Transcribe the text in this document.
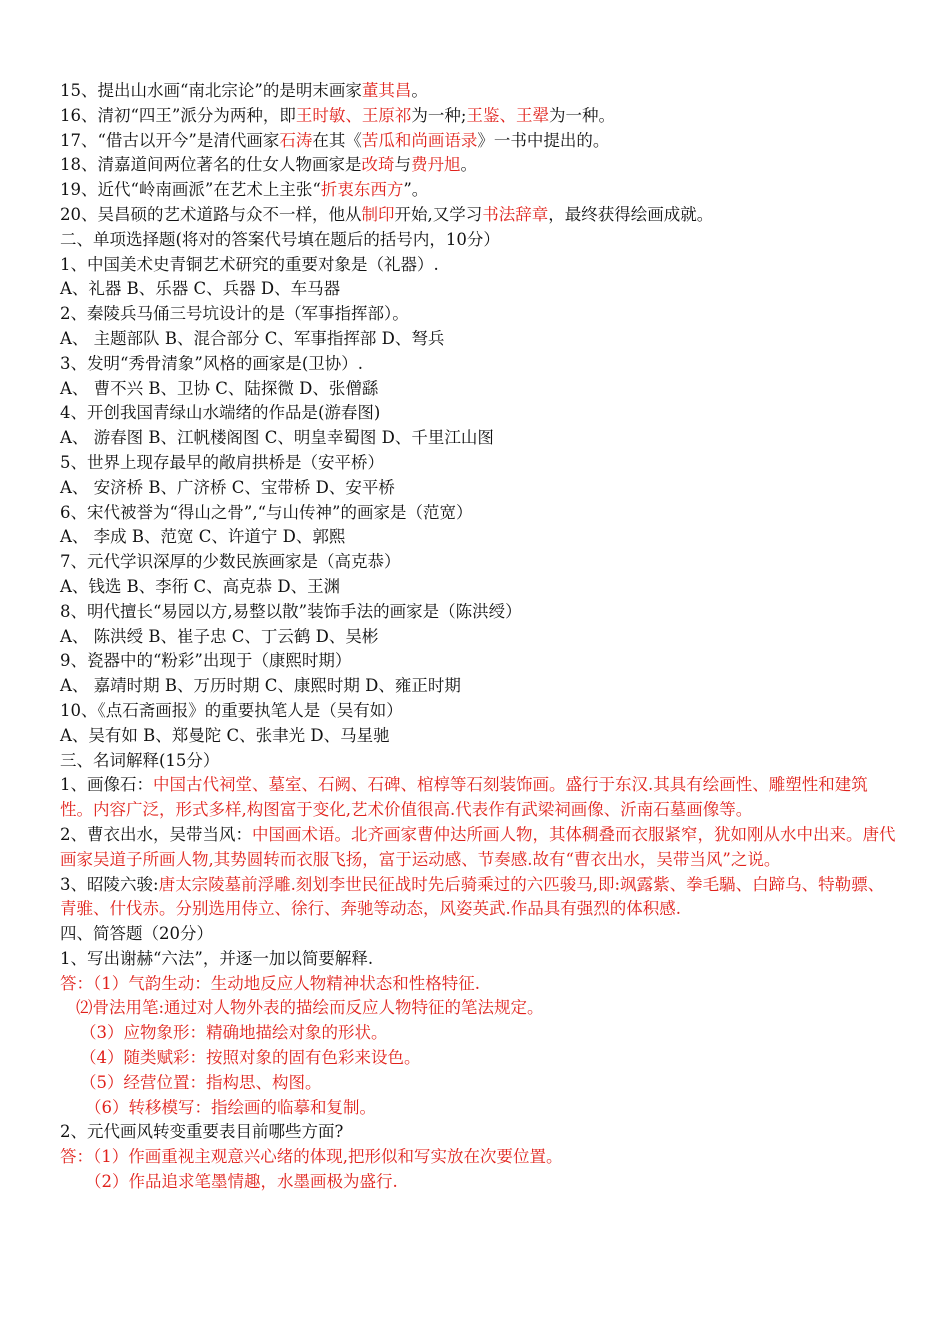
15、提出山水画“南北宗论”的是明末画家董其昌。
16、清初“四王”派分为两种，即王时敏、王原祁为一种;王鉴、王翚为一种。
17、“借古以开今”是清代画家石涛在其《苦瓜和尚画语录》一书中提出的。
18、清嘉道间两位著名的仕女人物画家是改琦与费丹旭。
19、近代“岭南画派”在艺术上主张“折衷东西方”。
20、吴昌硕的艺术道路与众不一样，他从制印开始,又学习书法辞章，最终获得绘画成就。
二、单项选择题(将对的答案代号填在题后的括号内，10分）
1、中国美术史青铜艺术研究的重要对象是（礼器）.
A、礼器 B、乐器 C、兵器 D、车马器
2、秦陵兵马俑三号坑设计的是（军事指挥部）。
A、 主题部队 B、混合部分 C、军事指挥部 D、弩兵
3、发明“秀骨清象”风格的画家是(卫协）.
A、 曹不兴 B、卫协 C、陆探微 D、张僧繇
4、开创我国青绿山水端绪的作品是(游春图)
A、 游春图 B、江帆楼阁图 C、明皇幸蜀图 D、千里江山图
5、世界上现存最早的敞肩拱桥是（安平桥）
A、 安济桥 B、广济桥 C、宝带桥 D、安平桥
6、宋代被誉为“得山之骨”,“与山传神”的画家是（范宽）
A、 李成 B、范宽 C、许道宁 D、郭熙
7、元代学识深厚的少数民族画家是（高克恭）
A、钱选 B、李衎 C、高克恭 D、王渊
8、明代擅长“易园以方,易整以散”装饰手法的画家是（陈洪绶）
A、 陈洪绶 B、崔子忠 C、丁云鹤 D、吴彬
9、瓷器中的“粉彩”出现于（康熙时期）
A、 嘉靖时期 B、万历时期 C、康熙时期 D、雍正时期
10、《点石斋画报》的重要执笔人是（吴有如）
A、吴有如 B、郑曼陀 C、张聿光 D、马星驰
三、名词解释(15分）
1、画像石：中国古代祠堂、墓室、石阙、石碑、棺椁等石刻装饰画。盛行于东汉.其具有绘画性、雕塑性和建筑性。内容广泛，形式多样,构图富于变化,艺术价值很高.代表作有武梁祠画像、沂南石墓画像等。
2、曹衣出水，吴带当风：中国画术语。北齐画家曹仲达所画人物，其体稠叠而衣服紧窄，犹如刚从水中出来。唐代画家吴道子所画人物,其势圆转而衣服飞扬，富于运动感、节奏感.故有“曹衣出水，吴带当风”之说。
3、昭陵六骏:唐太宗陵墓前浮雕.刻划李世民征战时先后骑乘过的六匹骏马,即:飒露紫、拳毛騧、白蹄乌、特勒骠、青骓、什伐赤。分别选用侍立、徐行、奔驰等动态，风姿英武.作品具有强烈的体积感.
四、简答题（20分）
1、写出谢赫“六法”，并逐一加以简要解释.
答：（1）气韵生动：生动地反应人物精神状态和性格特征.
⑵骨法用笔:通过对人物外表的描绘而反应人物特征的笔法规定。
（3）应物象形：精确地描绘对象的形状。
（4）随类赋彩：按照对象的固有色彩来设色。
（5）经营位置：指构思、构图。
（6）转移模写：指绘画的临摹和复制。
2、元代画风转变重要表目前哪些方面?
答：（1）作画重视主观意兴心绪的体现,把形似和写实放在次要位置。
（2）作品追求笔墨情趣，水墨画极为盛行.
